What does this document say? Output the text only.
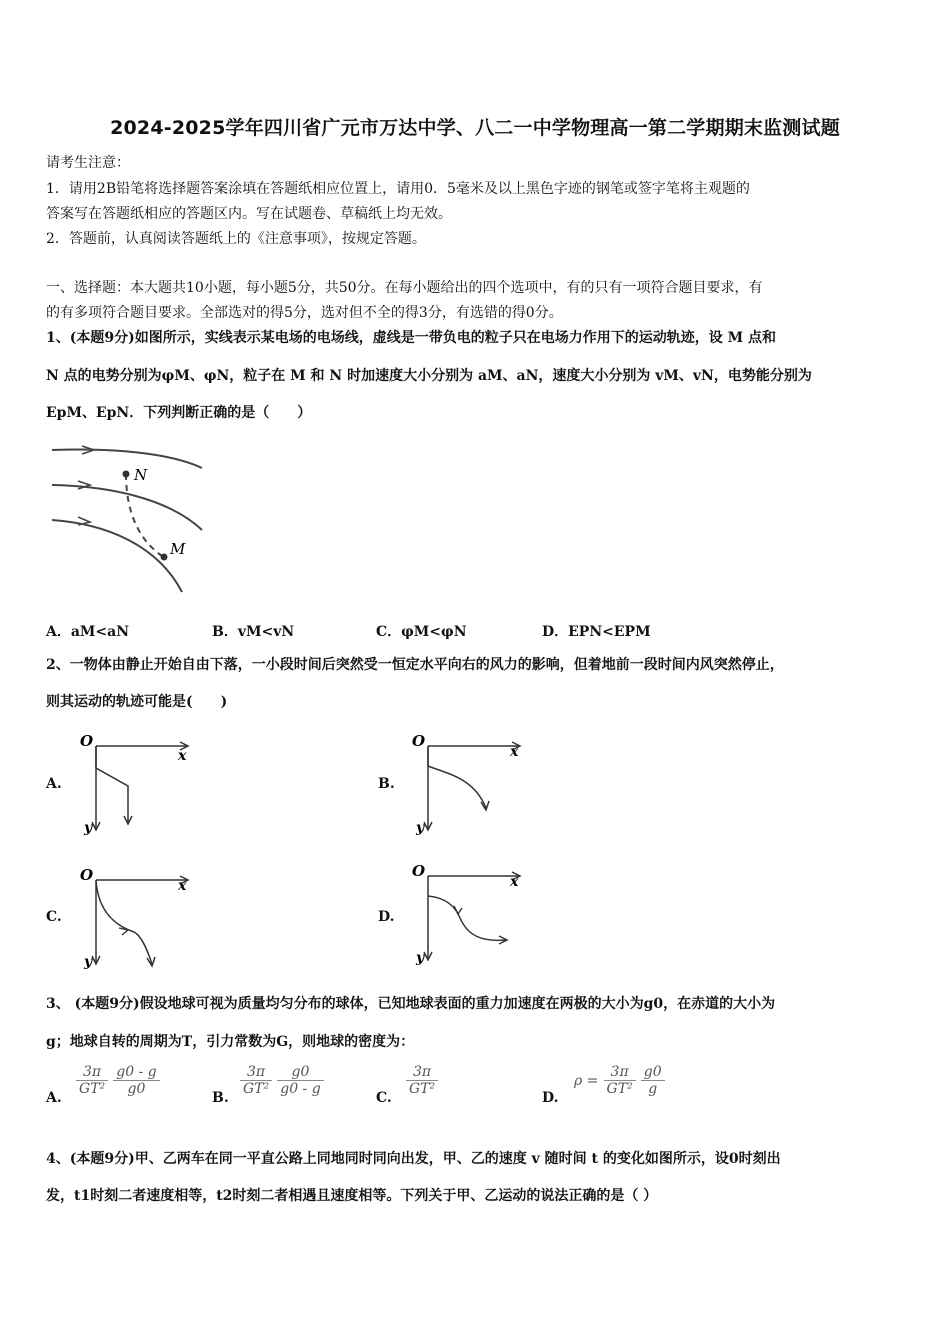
2024-2025学年四川省广元市万达中学、八二一中学物理高一第二学期期末监测试题
请考生注意：
1．请用2B铅笔将选择题答案涂填在答题纸相应位置上，请用0．5毫米及以上黑色字迹的钢笔或签字笔将主观题的
答案写在答题纸相应的答题区内。写在试题卷、草稿纸上均无效。
2．答题前，认真阅读答题纸上的《注意事项》，按规定答题。
一、选择题：本大题共10小题，每小题5分，共50分。在每小题给出的四个选项中，有的只有一项符合题目要求，有
的有多项符合题目要求。全部选对的得5分，选对但不全的得3分，有选错的得0分。
1、(本题9分)如图所示，实线表示某电场的电场线，虚线是一带负电的粒子只在电场力作用下的运动轨迹，设 M 点和
N 点的电势分别为φM、φN，粒子在 M 和 N 时加速度大小分别为 aM、aN，速度大小分别为 vM、vN，电势能分别为
EpM、EpN．下列判断正确的是（　　）
N
M
A．aM<aN	B．vM<vN	C．φM<φN	D．EPN<EPM
2、一物体由静止开始自由下落，一小段时间后突然受一恒定水平向右的风力的影响，但着地前一段时间内风突然停止，
则其运动的轨迹可能是(　　)
A.	B.
C.	D.
O
x
y
O
x
y
O
x
y
O
x
y
3、 (本题9分)假设地球可视为质量均匀分布的球体，已知地球表面的重力加速度在两极的大小为g0，在赤道的大小为
g；地球自转的周期为T，引力常数为G，则地球的密度为：
A.
$\frac{3\pi}{\text{GT²}}$
$\frac{g0 - g}{g0}$
B.
$\frac{3\pi}{\text{GT²}}$
$\frac{g0}{g0 - g}$
C.
$\frac{3\pi}{\text{GT²}}$
D.
$\rho = \frac{3\pi}{\text{GT²}}$
$\frac{g0}{g}$
4、(本题9分)甲、乙两车在同一平直公路上同地同时同向出发，甲、乙的速度 v 随时间 t 的变化如图所示，设0时刻出
发，t1时刻二者速度相等，t2时刻二者相遇且速度相等。下列关于甲、乙运动的说法正确的是（ ）
